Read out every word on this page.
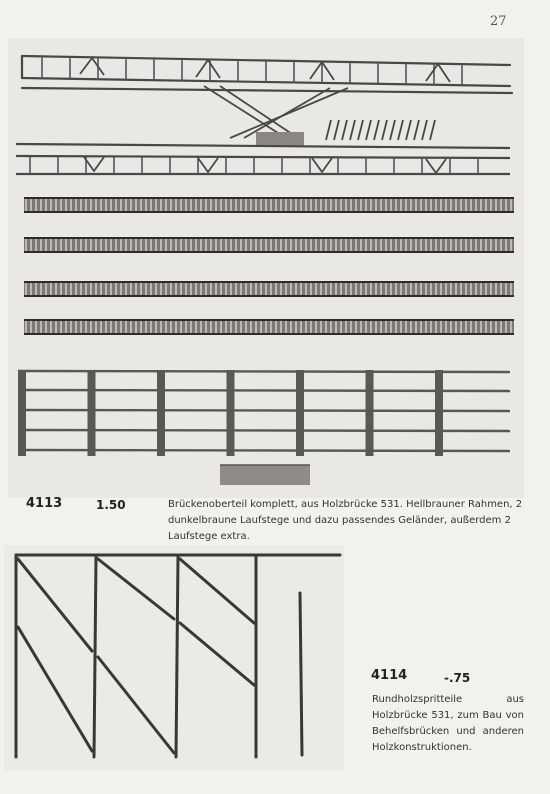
27
4113	1.50	Brückenoberteil komplett, aus Holzbrücke 531. Hellbrauner Rahmen, 2 dunkelbraune Laufstege und dazu passendes Geländer, außerdem 2 Laufstege extra.
4114	-.75
Rundholzspritteile aus Holzbrücke 531, zum Bau von Behelfsbrücken und anderen Holzkonstruktionen.
